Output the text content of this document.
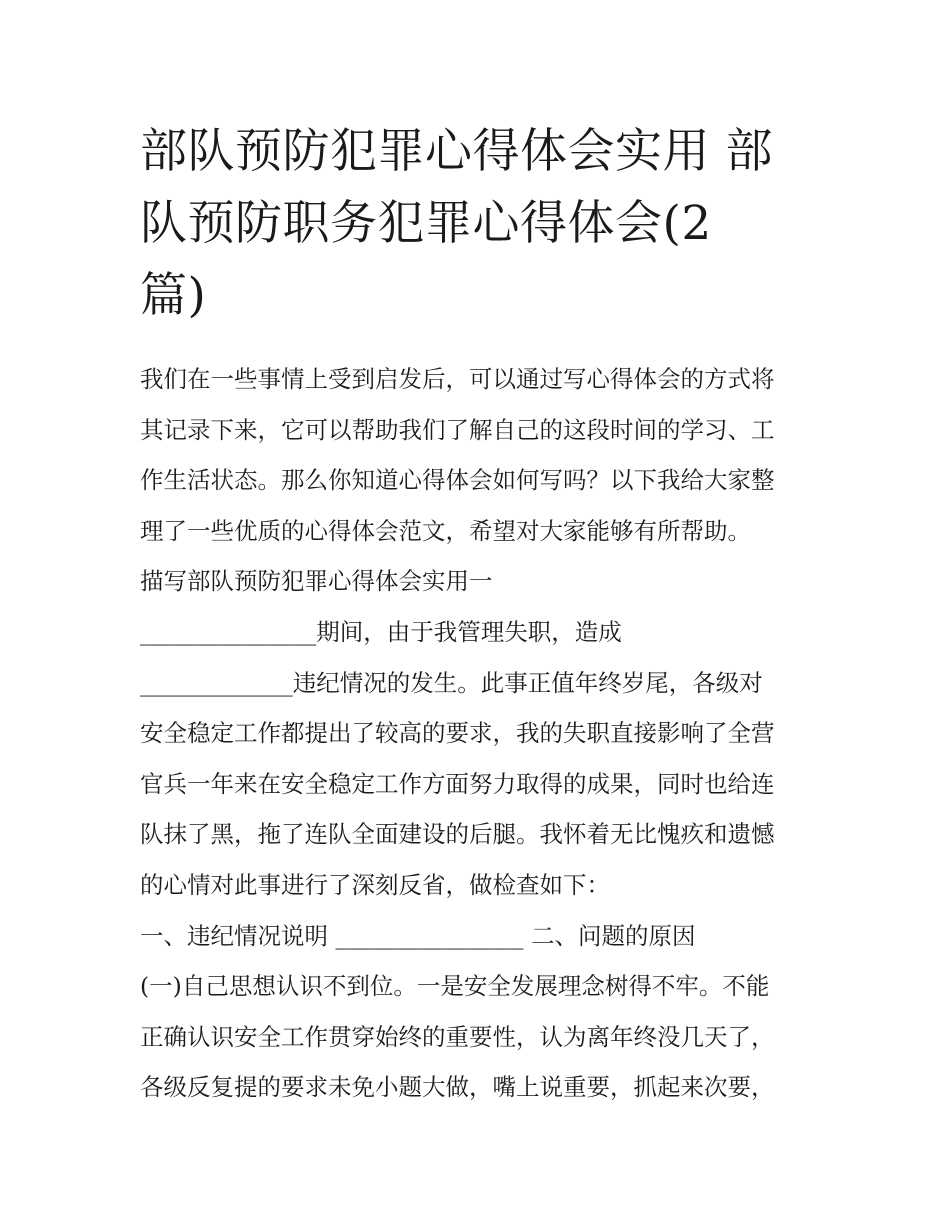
部队预防犯罪心得体会实用 部
队预防职务犯罪心得体会(2
篇)
我们在一些事情上受到启发后，可以通过写心得体会的方式将
其记录下来，它可以帮助我们了解自己的这段时间的学习、工
作生活状态。那么你知道心得体会如何写吗？以下我给大家整
理了一些优质的心得体会范文，希望对大家能够有所帮助。
描写部队预防犯罪心得体会实用一
_______________期间，由于我管理失职，造成
_____________违纪情况的发生。此事正值年终岁尾，各级对
安全稳定工作都提出了较高的要求，我的失职直接影响了全营
官兵一年来在安全稳定工作方面努力取得的成果，同时也给连
队抹了黑，拖了连队全面建设的后腿。我怀着无比愧疚和遗憾
的心情对此事进行了深刻反省，做检查如下：
一、违纪情况说明 ________________ 二、问题的原因
(一)自己思想认识不到位。一是安全发展理念树得不牢。不能
正确认识安全工作贯穿始终的重要性，认为离年终没几天了，
各级反复提的要求未免小题大做，嘴上说重要，抓起来次要，
